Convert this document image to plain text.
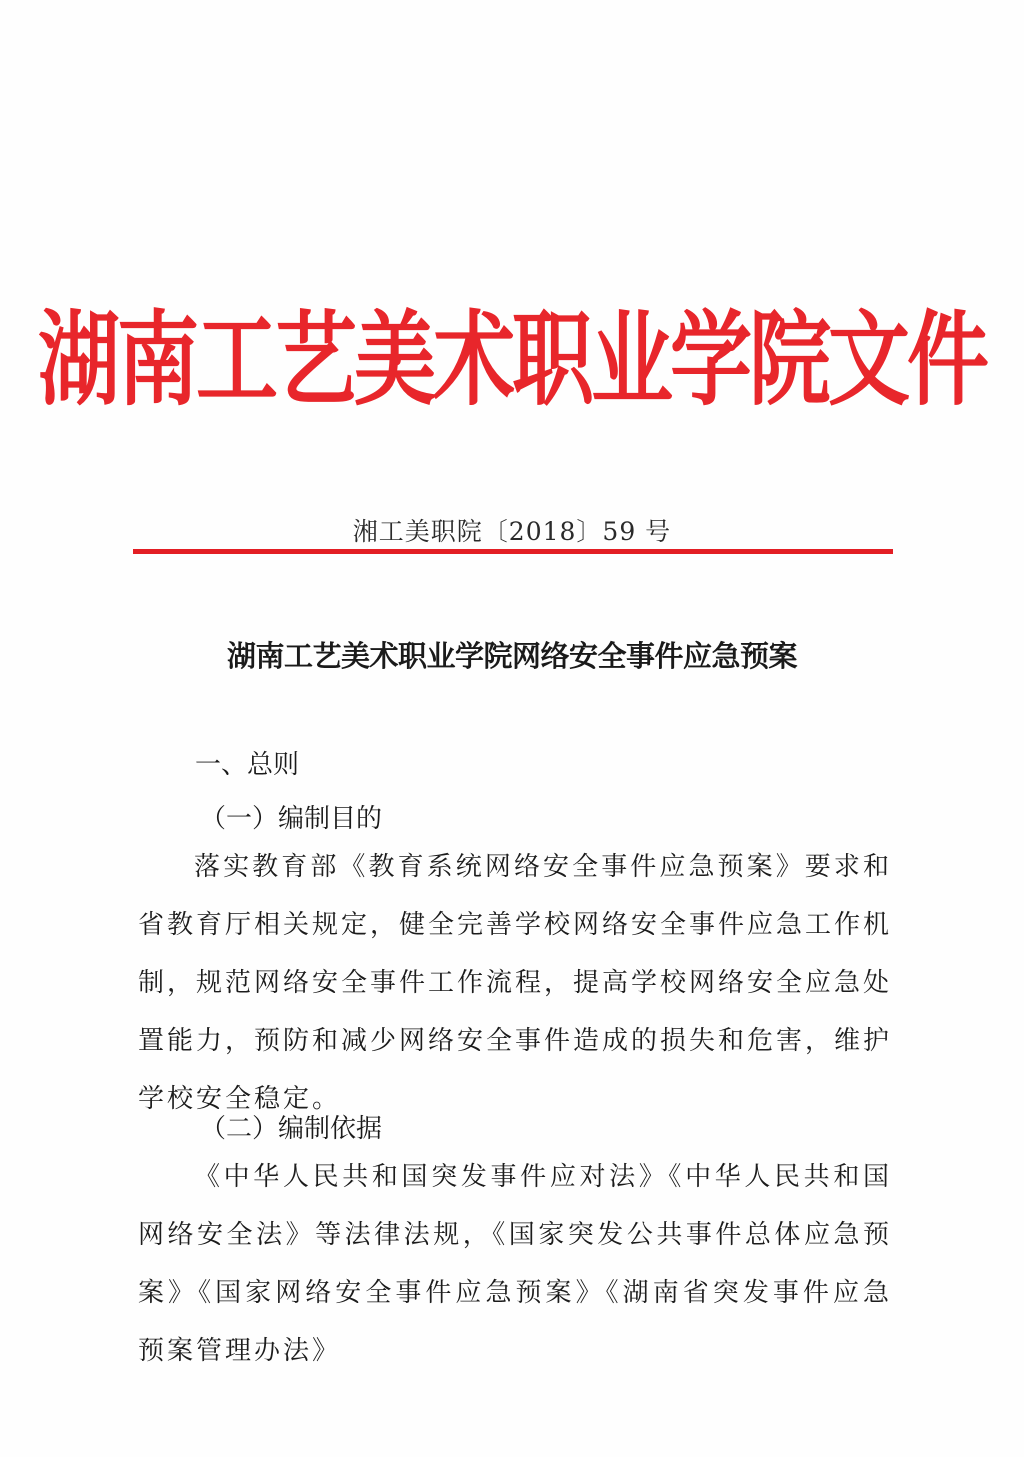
湖南工艺美术职业学院文件
湘工美职院〔2018〕59 号
湖南工艺美术职业学院网络安全事件应急预案
一、总则
（一）编制目的
落实教育部《教育系统网络安全事件应急预案》要求和省教育厅相关规定，健全完善学校网络安全事件应急工作机制，规范网络安全事件工作流程，提高学校网络安全应急处置能力，预防和减少网络安全事件造成的损失和危害，维护学校安全稳定。
（二）编制依据
《中华人民共和国突发事件应对法》《中华人民共和国网络安全法》等法律法规，《国家突发公共事件总体应急预案》《国家网络安全事件应急预案》《湖南省突发事件应急预案管理办法》
